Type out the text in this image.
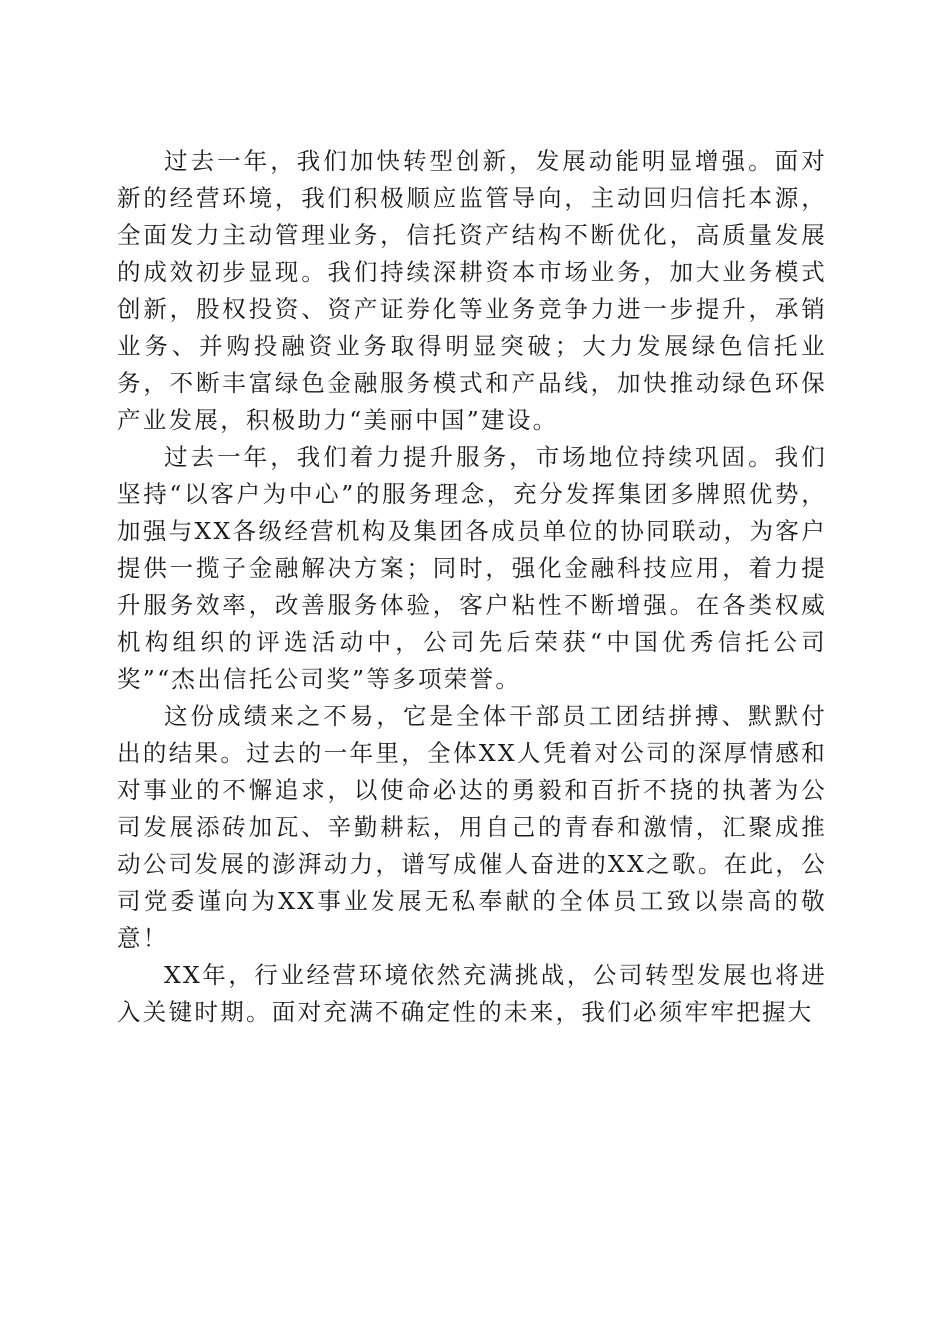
过去一年，我们加快转型创新，发展动能明显增强。面对新的经营环境，我们积极顺应监管导向，主动回归信托本源，全面发力主动管理业务，信托资产结构不断优化，高质量发展的成效初步显现。我们持续深耕资本市场业务，加大业务模式创新，股权投资、资产证券化等业务竞争力进一步提升，承销业务、并购投融资业务取得明显突破；大力发展绿色信托业务，不断丰富绿色金融服务模式和产品线，加快推动绿色环保产业发展，积极助力“美丽中国”建设。

过去一年，我们着力提升服务，市场地位持续巩固。我们坚持“以客户为中心”的服务理念，充分发挥集团多牌照优势，加强与XX各级经营机构及集团各成员单位的协同联动，为客户提供一揽子金融解决方案；同时，强化金融科技应用，着力提升服务效率，改善服务体验，客户粘性不断增强。在各类权威机构组织的评选活动中，公司先后荣获“中国优秀信托公司奖”“杰出信托公司奖”等多项荣誉。

这份成绩来之不易，它是全体干部员工团结拼搏、默默付出的结果。过去的一年里，全体XX人凭着对公司的深厚情感和对事业的不懈追求，以使命必达的勇毅和百折不挠的执著为公司发展添砖加瓦、辛勤耕耘，用自己的青春和激情，汇聚成推动公司发展的澎湃动力，谱写成催人奋进的XX之歌。在此，公司党委谨向为XX事业发展无私奉献的全体员工致以崇高的敬意！

XX年，行业经营环境依然充满挑战，公司转型发展也将进入关键时期。面对充满不确定性的未来，我们必须牢牢把握大
